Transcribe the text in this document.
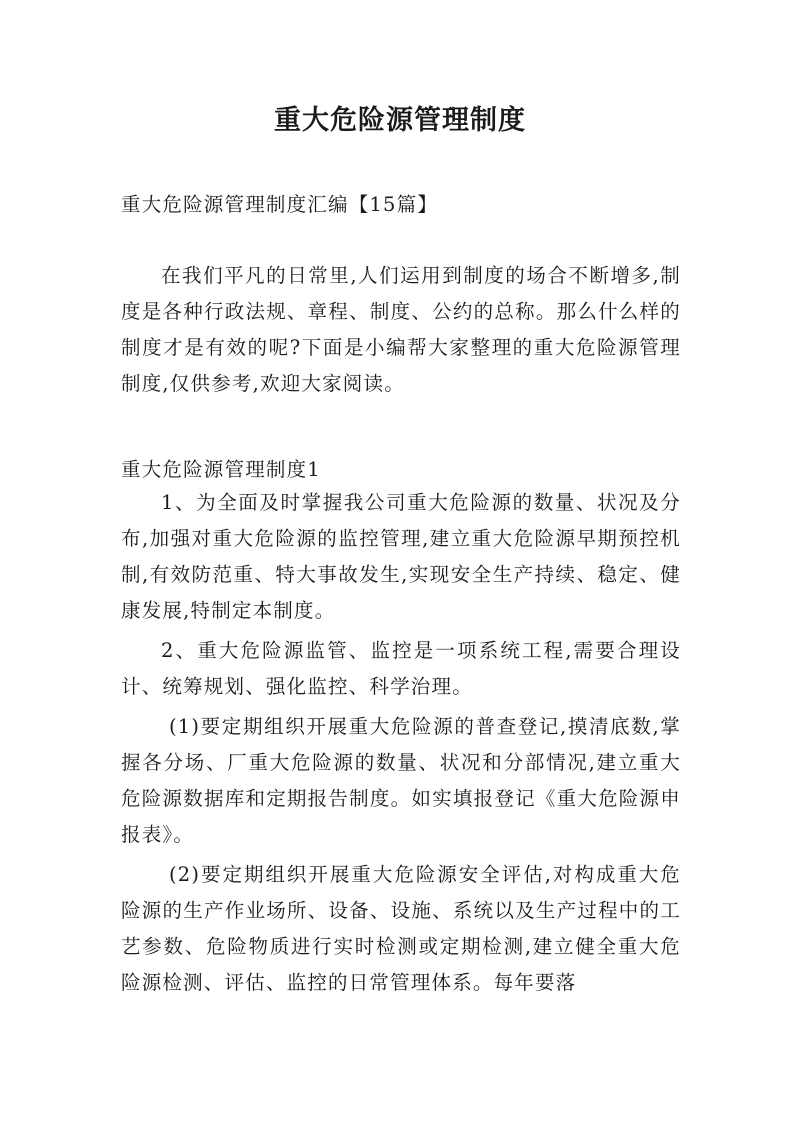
重大危险源管理制度
重大危险源管理制度汇编【15篇】

在我们平凡的日常里,人们运用到制度的场合不断增多,制度是各种行政法规、章程、制度、公约的总称。那么什么样的制度才是有效的呢?下面是小编帮大家整理的重大危险源管理制度,仅供参考,欢迎大家阅读。

重大危险源管理制度1

1、为全面及时掌握我公司重大危险源的数量、状况及分布,加强对重大危险源的监控管理,建立重大危险源早期预控机制,有效防范重、特大事故发生,实现安全生产持续、稳定、健康发展,特制定本制度。

2、重大危险源监管、监控是一项系统工程,需要合理设计、统筹规划、强化监控、科学治理。

(1)要定期组织开展重大危险源的普查登记,摸清底数,掌握各分场、厂重大危险源的数量、状况和分部情况,建立重大危险源数据库和定期报告制度。如实填报登记《重大危险源申报表》。

(2)要定期组织开展重大危险源安全评估,对构成重大危险源的生产作业场所、设备、设施、系统以及生产过程中的工艺参数、危险物质进行实时检测或定期检测,建立健全重大危险源检测、评估、监控的日常管理体系。每年要落
